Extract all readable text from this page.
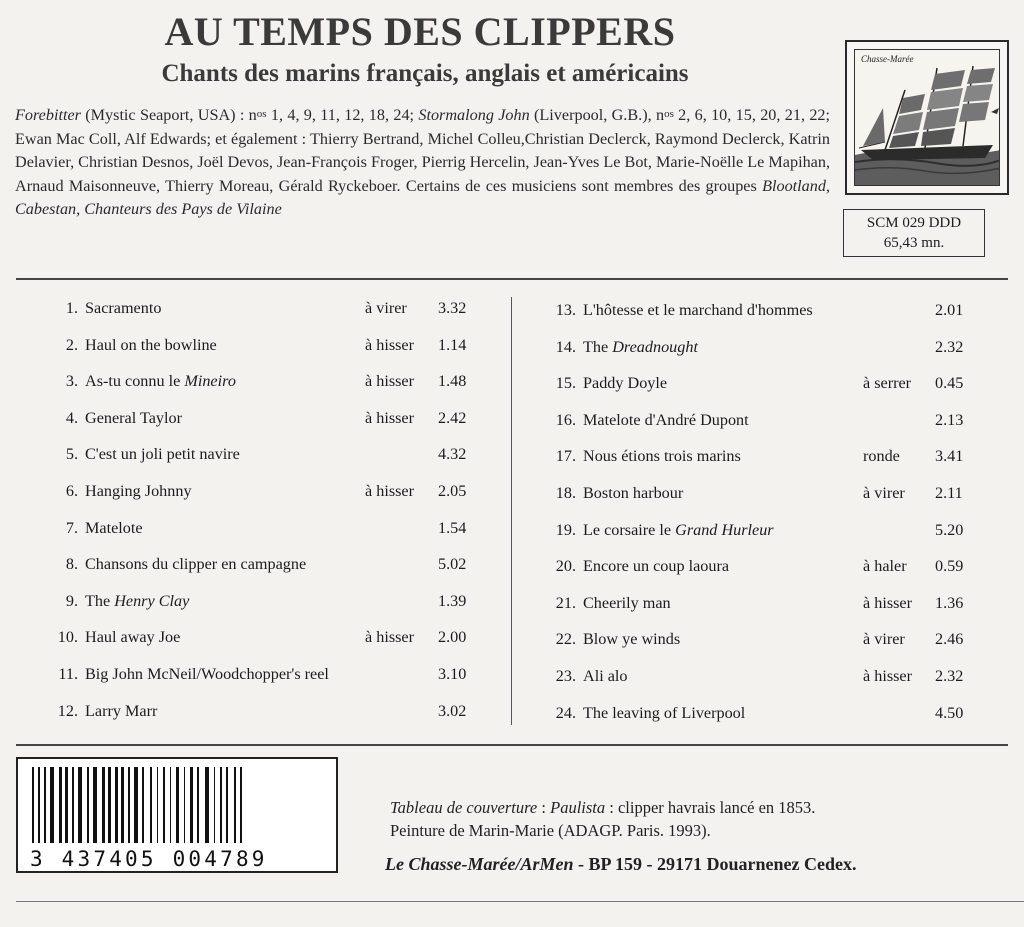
AU TEMPS DES CLIPPERS
Chants des marins français, anglais et américains
Forebitter (Mystic Seaport, USA) : $n^{os}$ 1, 4, 9, 11, 12, 18, 24; Stormalong John (Liverpool, G.B.), $n^{os}$ 2, 6, 10, 15, 20, 21, 22; Ewan Mac Coll, Alf Edwards; et également : Thierry Bertrand, Michel Colleu,Christian Declerck, Raymond Declerck, Katrin Delavier, Christian Desnos, Joël Devos, Jean-François Froger, Pierrig Hercelin, Jean-Yves Le Bot, Marie-Noëlle Le Mapihan, Arnaud Maisonneuve, Thierry Moreau, Gérald Ryckeboer. Certains de ces musiciens sont membres des groupes Blootland, Cabestan, Chanteurs des Pays de Vilaine
Chasse-Marée
SCM 029 DDD
65,43 mn.
1. Sacramento	à virer 3.32
2. Haul on the bowline	à hisser 1.14
3. As-tu connu le Mineiro	à hisser 1.48
4. General Taylor	à hisser 2.42
5. C'est un joli petit navire	4.32
6. Hanging Johnny	à hisser 2.05
7. Matelote	1.54
8. Chansons du clipper en campagne	5.02
9. The Henry Clay	1.39
10. Haul away Joe	à hisser 2.00
11. Big John McNeil/Woodchopper's reel	3.10
12. Larry Marr	3.02
13. L'hôtesse et le marchand d'hommes	2.01
14. The Dreadnought	2.32
15. Paddy Doyle	à serrer 0.45
16. Matelote d'André Dupont	2.13
17. Nous étions trois marins	ronde 3.41
18. Boston harbour	à virer 2.11
19. Le corsaire le Grand Hurleur	5.20
20. Encore un coup laoura	à haler 0.59
21. Cheerily man	à hisser 1.36
22. Blow ye winds	à virer 2.46
23. Ali alo	à hisser 2.32
24. The leaving of Liverpool	4.50
3 437405 004789
Tableau de couverture : Paulista : clipper havrais lancé en 1853.
Peinture de Marin-Marie (ADAGP. Paris. 1993).
Le Chasse-Marée/ArMen - BP 159 - 29171 Douarnenez Cedex.
